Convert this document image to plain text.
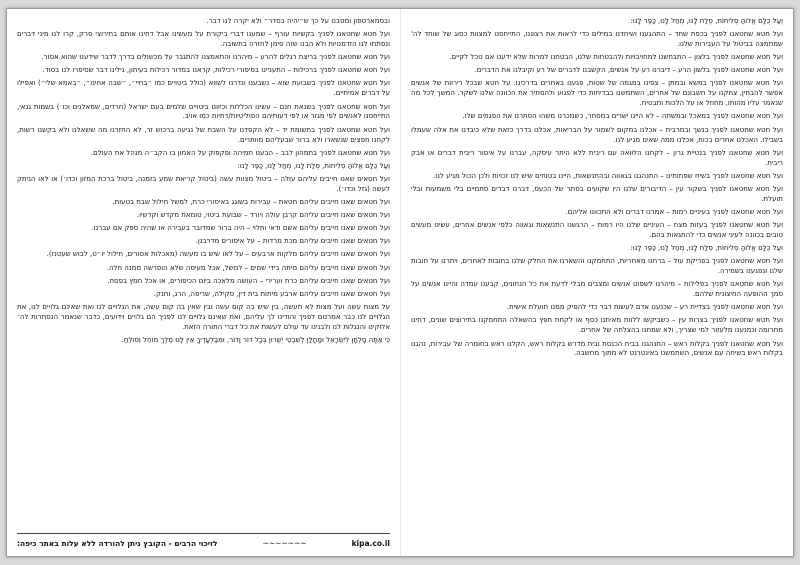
וְעַל כֻּלָּם אֱלוֹהַּ סְלִיחוֹת, סְלַח לָנוּ, מְחַל לָנוּ, כַּפֶּר לָנוּ:

ועל חטא שחטאנו לפניך בכפת שחד – התהגענו ושיחדנו במילים כדי לראות את רצוננו, התייחסנו למצוות כסוג של שוחד לה' שמתמצה בביטול על העבירות שלנו.

ועל חטא שחטאנו לפניך בלצון – התבחשנו למחויבויות ולהבטחות שלנו, הבטחנו למרות שלא ידענו אם נוכל לקיים.

ועל חטא שחטאנו לפניך בלשון הרע – דיברנו רע על אנשים, הקשבנו לדברים של רע וקיבלנו את הדברים.

ועל חטא שחטאנו לפניך במשא ובמתן – צפינו במגמה של שטות, פגענו באחרים בדרכינו. על חטא שבכל רירוות של אנשים אפשר להבחין, צחקנו על חשבונם של אחרים, השתמשנו בבדיחות כדי לפגוע ולהסתיר את הכוונה שלנו לשקר. המשך לכל מה שנאמר עליו מהותו, מחוזל או על הלכות ותבטיח.

ועל חטא שחטאנו לפניך במאכל ובמשתה – לא היינו ישרים במסחר, כשמכרנו משהו הסתרנו את הפגמים שלו.

ועל חטא שחטאנו לפניך בנשך ובמרבית – אכלנו במקום לשמור על הבריאות, אכלנו בדרך כזאת שלא כיבדנו את אלה שעמלו בשבילו. האכלנו אחרים בכוח, אכלנו ממה שאינו מגיע לנו.

ועל חטא שחטאנו לפניך בנטיית גרון – לקחנו הלוואה עם ריבית ללא היתר עיסקה, עברנו על איסור ריבית דברים או אבק ריבית.

ועל חטא שחטאנו לפניך בשיח שפתותינו – התנהגנו בגאווה ובהתנשאות, היינו בטוחים שיש לנו זכויות ולכן הכול מגיע לנו.

ועל חטא שחטאנו לפניך בשקור עין – הדיבורים שלנו היו שקועים בסתר של הכעס, דברנו דברים סתמיים בלי משמעות ובלי תועלת.

ועל חטא שחטאנו לפניך בעיניים רמות – אמרנו דברים ולא התכוונו אליהם.

ועל חטא שחטאנו לפניך בעזות מצח – העיניים שלנו היו רמות – הרגשנו התנשאות וגאווה כלפי אנשים אחרים, עשינו מעשים טובים בכוונה לעיני אנשים כדי להתגאות בהם.

וְעַל כֻּלָּם אֱלוֹהַּ סְלִיחוֹת, סְלַח לָנוּ, מְחַל לָנוּ, כַּפֶּר לָנוּ:

ועל חטא שחטאנו לפניך בפריקת עול – ברחנו מאחריות, התחמקנו והשארנו את החלק שלנו בחובות לאחרים, ויתרנו על חובות שלנו ונפגענו בשמירה.

ועל חטא שחטאנו לפניך בפלילות – מיהרנו לשפוט אנשים ומצבים מבלי לדעת את כל הנתונים, קבענו עמדה והיינו אנשים על סמך ההופעה החיצונית שלהם.

ועל חטא שחטאנו לפניך בצדיית רע – שכנענו אדם לעשות דבר כדי להפיק ממנו תועלת אישית.

ועל חטא שחטאנו לפניך בצרות עין – כשביקשו ללוות מאיתנו כסף או לקחת חפץ בהשאלה התחמקנו בתירוצים שונים, דחינו מתרומה ונמנענו מלעזור למי שצריך, ולא שמחנו בהצלחה של אחרים.

ועל חטא שחטאנו לפניך בקלות ראש – התנהגנו בבית הכנסת ובית מדרש בקלות ראש, הקלנו ראש בחומרה של עבירות, נהגנו בקלות ראש בשיחה עם אנשים, השתמשנו באינטרנט לא מתוך מחשבה.

ובסמארטפון ומסבנו על כך ש״יהיה בסדר״ ולא יקרה לנו דבר.

ועל חטא שחטאנו לפניך בקשיות עורף – שמענו דברי ביקורת על מעשינו אבל דחינו אותם בתירוצי סרק, קרו לנו מיני דברים ונפתחו לנו הזדמנויות ולא הבנו שזה סימן לחזרה בתשובה.

ועל חטא שחטאנו לפניך בריצת רגלים להרע – מיהרנו והתאמצנו להתגבר על מכשולים בדרך לדבר שידענו שהוא אסור.

ועל חטא שחטאנו לפניך ברכילות – התעניינו בסיפורי רכילות, קראנו במדור רכילות בעיתון, גילינו דבר שסיפרו לנו בסוד.

ועל חטא שחטאנו לפניך בשבועת שוא – נשבענו ונדרנו לשווא (כולל ביטויים כמו ״בחיי״, ״שבה אחינו״, ״באמא שלי״) ואפילו על דברים אמיתיים.

ועל חטא שחטאנו לפניך בשנאת חנם – עשינו הכללות וכיוונו ביטויים שלמים בעם ישראל (חרדים, שמאלנים וכו׳) בשמות גנאי, התייחסנו לאנשים לפי מגזר או לפי דעותיהם הפוליטיות/דתיות כמו אויב.

ועל חטא שחטאנו לפניך בתשומת יד – לא הקפדנו על השבת של נגיעה ברכוש זר, לא החזרנו מה ששאלנו ולא בקשנו רשות, לקחנו חפצים שנשארו ולא ברור שבעליהם מוותרים.

ועל חטא שחטאנו לפניך בתמהון לבב – הבענו תמיהה ופקפוק על האמון בו הקב״ה מנהל את העולם.

וְעַל כֻּלָּם אֱלוֹהַּ סְלִיחוֹת, סְלַח לָנוּ, מְחַל לָנוּ, כַּפֶּר לָנוּ:

ועל חטאים שאנו חייבים עליהם עולה – ביטול מצוות עשה (ביטול קריאת שמע בזמנה, ביטול ברכת המזון וכדו׳) או לאו הניתק לעשה (גזל וכדו׳).

ועל חטאים שאנו חייבים עליהם חטאת – עבירות בשוגג באיסורי כרת, למשל חילול שבת בטעות.

ועל חטאים שאנו חייבים עליהם קרבן עולה ויורד – שבועת ביטוי, טומאת מקדש וקדשיו.

ועל חטאים שאנו חייבים עליהם אשם ודאי ותלוי – היה ברור שמדובר בעבירה או שהיה ספק אם עברנו.

ועל חטאים שאנו חייבים עליהם מכת מרדות – על איסורים מדרבנן.

ועל חטאים שאנו חייבים עליהם מלקות ארבעים – על לאו שיש בו מעשה (מאכלות אסורים, חילול יו״ט, לבוש שעטנז).

ועל חטאים שאנו חייבים עליהם מיתה בידי שמים – למשל, אכל מעיסה שלא הופרשה ממנה חלה.

ועל חטאים שאנו חייבים עליהם כרת וערירי – העושה מלאכה ביום הכיפורים, או אכל חמץ בפסח.

ועל חטאים שאנו חייבים עליהם ארבע מיתות בית דין, סקילה, שריפה, הרג, וחנק.

על מצות עשה ועל מצות לא תעשה, בין שיש בה קום עשה ובין שאין בה קום עשה, את הגלויים לנו ואת שאינם גלויים לנו, את הגלויים לנו כבר אמרנום לפניך והודינו לך עליהם, ואת שאינם גלויים לנו לפניך הם גלויים וידועים, כדבר שנאמר הנסתרות לה׳ אלוקינו והנגלות לנו ולבנינו עד עולם לעשות את כל דברי התורה הזאת.

כִּי אַתָּה סָלְחָן לְיִשְׂרָאֵל וּמָחֳלָן לְשִׁבְטֵי יְשֻׁרוּן בְּכָל דּוֹר וָדוֹר, וּמִבַּלְעָדֶיךָ אֵין לָנוּ מֶלֶךְ מוֹחֵל וְסוֹלֵחַ.

לזיכוי הרבים - הקובץ ניתן להורדה ללא עלות באתר כיפה:	~~~~~~~	kipa.co.il
